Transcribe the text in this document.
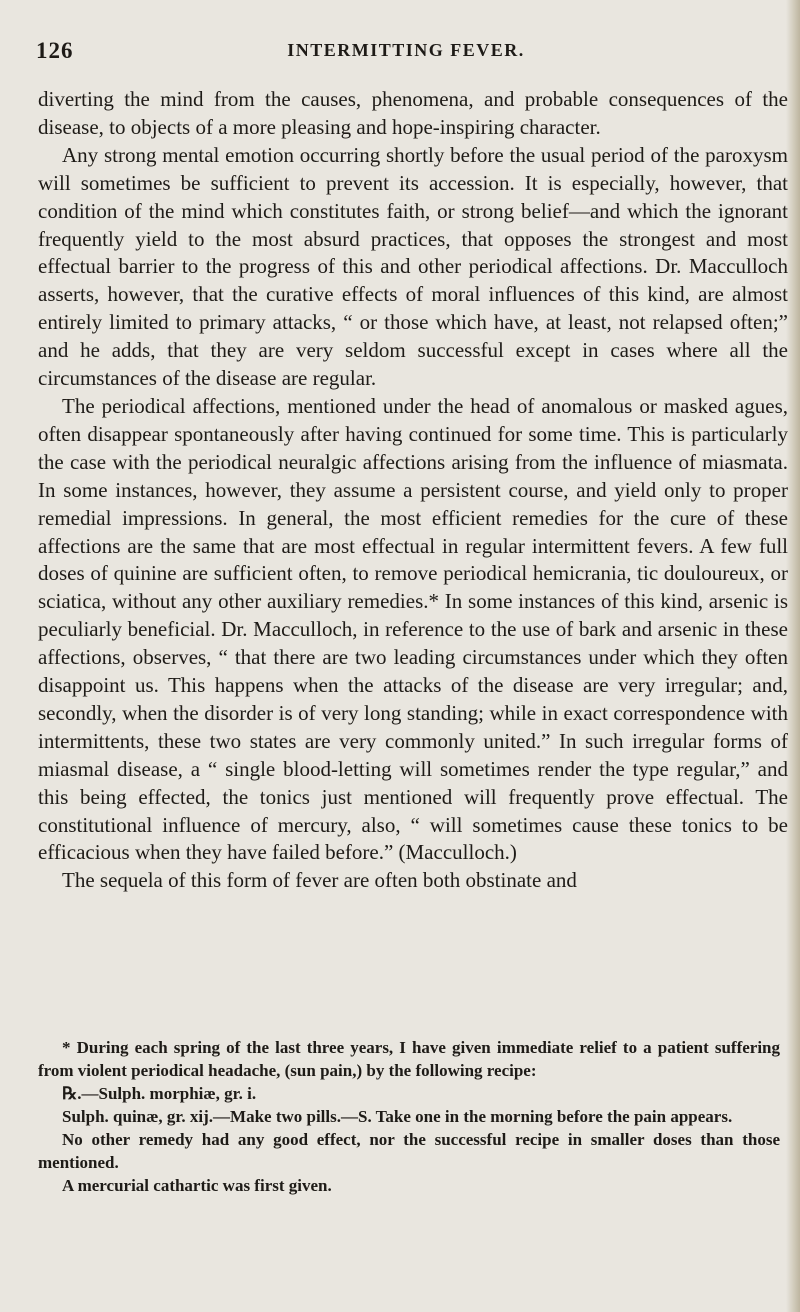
126	INTERMITTING FEVER.

diverting the mind from the causes, phenomena, and probable consequences of the disease, to objects of a more pleasing and hope-inspiring character.

Any strong mental emotion occurring shortly before the usual period of the paroxysm will sometimes be sufficient to prevent its accession. It is especially, however, that condition of the mind which constitutes faith, or strong belief—and which the ignorant frequently yield to the most absurd practices, that opposes the strongest and most effectual barrier to the progress of this and other periodical affections. Dr. Macculloch asserts, however, that the curative effects of moral influences of this kind, are almost entirely limited to primary attacks, “ or those which have, at least, not relapsed often;” and he adds, that they are very seldom successful except in cases where all the circumstances of the disease are regular.

The periodical affections, mentioned under the head of anomalous or masked agues, often disappear spontaneously after having continued for some time. This is particularly the case with the periodical neuralgic affections arising from the influence of miasmata. In some instances, however, they assume a persistent course, and yield only to proper remedial impressions. In general, the most efficient remedies for the cure of these affections are the same that are most effectual in regular intermittent fevers. A few full doses of quinine are sufficient often, to remove periodical hemicrania, tic douloureux, or sciatica, without any other auxiliary remedies.* In some instances of this kind, arsenic is peculiarly beneficial. Dr. Macculloch, in reference to the use of bark and arsenic in these affections, observes, “ that there are two leading circumstances under which they often disappoint us. This happens when the attacks of the disease are very irregular; and, secondly, when the disorder is of very long standing; while in exact correspondence with intermittents, these two states are very commonly united.” In such irregular forms of miasmal disease, a “ single blood-letting will sometimes render the type regular,” and this being effected, the tonics just mentioned will frequently prove effectual. The constitutional influence of mercury, also, “ will sometimes cause these tonics to be efficacious when they have failed before.” (Macculloch.)

The sequela of this form of fever are often both obstinate and

* During each spring of the last three years, I have given immediate relief to a patient suffering from violent periodical headache, (sun pain,) by the following recipe:

℞.—Sulph. morphiæ, gr. i.

Sulph. quinæ, gr. xij.—Make two pills.—S. Take one in the morning before the pain appears.

No other remedy had any good effect, nor the successful recipe in smaller doses than those mentioned.

A mercurial cathartic was first given.
